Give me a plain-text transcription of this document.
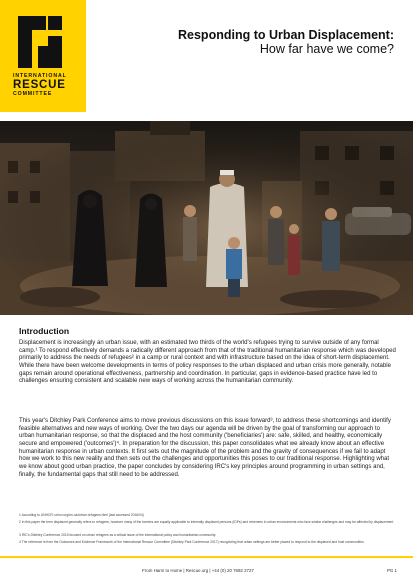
INTERNATIONAL
RESCUE
COMMITTEE
Responding to Urban Displacement:
How far have we come?
Introduction

Displacement is increasingly an urban issue, with an estimated two thirds of the world's refugees trying to survive outside of any formal camp.¹ To respond effectively demands a radically different approach from that of the traditional humanitarian response which was developed primarily to address the needs of refugees² in a camp or rural context and with infrastructure based on the idea of short-term displacement. While there have been welcome developments in terms of policy responses to the urban displaced and urban crisis more generally, notable gaps remain around operational effectiveness, partnership and coordination. In particular, gaps in evidence-based practice have led to challenges ensuring consistent and scalable new ways of working across the humanitarian community.

This year's Ditchley Park Conference aims to move previous discussions on this issue forward³, to address these shortcomings and identify feasible alternatives and new ways of working. Over the two days our agenda will be driven by the goal of transforming our approach to urban humanitarian response, so that the displaced and the host community ('beneficiaries') are: safe, skilled, and healthy, economically secure and empowered ('outcomes')⁴. In preparation for the discussion, this paper consolidates what we already know about an effective humanitarian response in urban contexts. It first sets out the magnitude of the problem and the gravity of consequences if we fail to adapt how we work to this new reality and then sets out the challenges and opportunities this poses to our traditional response. Highlighting what we know about good urban practice, the paper concludes by considering IRC's key principles around programming in urban settings and, finally, the fundamental gaps that still need to be addressed.

1 According to UNHCR: unhcr.org/en-us/urban-refugees.html (last accessed 2016/04)
2 In this paper the term displaced generally refers to refugees, however many of the barriers are equally applicable to internally displaced persons (IDPs) and returnees in urban environments who face similar challenges and may be affected by displacement.
3 IRC's Ditchley Conference 2015 focused on urban refugees as a critical issue of the international policy and humanitarian community.
4 The reference is from the Outcomes and Evidence Framework of the International Rescue Committee (Ditchley Park Conference 2017) recognizing that urban settings are better placed to respond to the displaced and host communities.
From Harm to Home | Rescue.org | +44 (0) 20 7692 2727	PG 1
